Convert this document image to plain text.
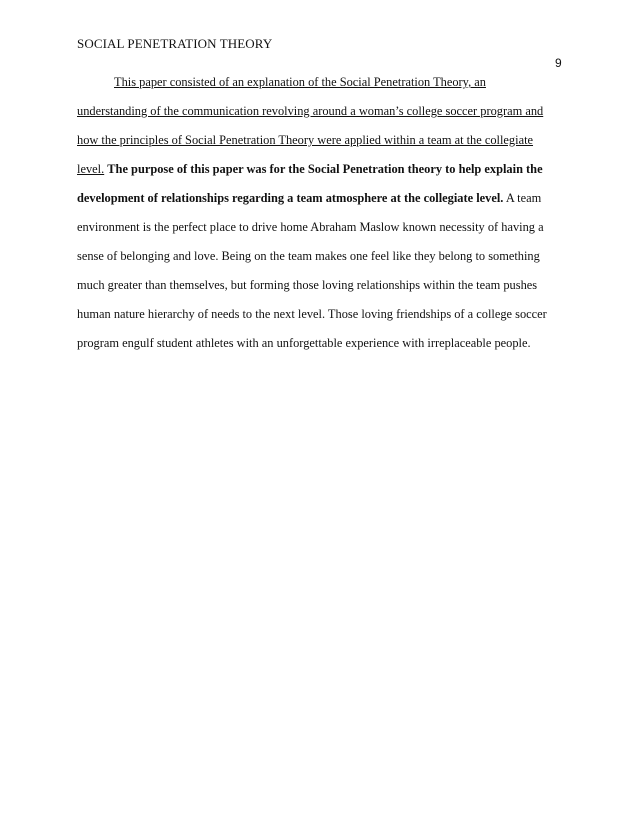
SOCIAL PENETRATION THEORY
9
This paper consisted of an explanation of the Social Penetration Theory, an
understanding of the communication revolving around a woman’s college soccer program and
how the principles of Social Penetration Theory were applied within a team at the collegiate
level. The purpose of this paper was for the Social Penetration theory to help explain the
development of relationships regarding a team atmosphere at the collegiate level. A team
environment is the perfect place to drive home Abraham Maslow known necessity of having a
sense of belonging and love. Being on the team makes one feel like they belong to something
much greater than themselves, but forming those loving relationships within the team pushes
human nature hierarchy of needs to the next level. Those loving friendships of a college soccer
program engulf student athletes with an unforgettable experience with irreplaceable people.
